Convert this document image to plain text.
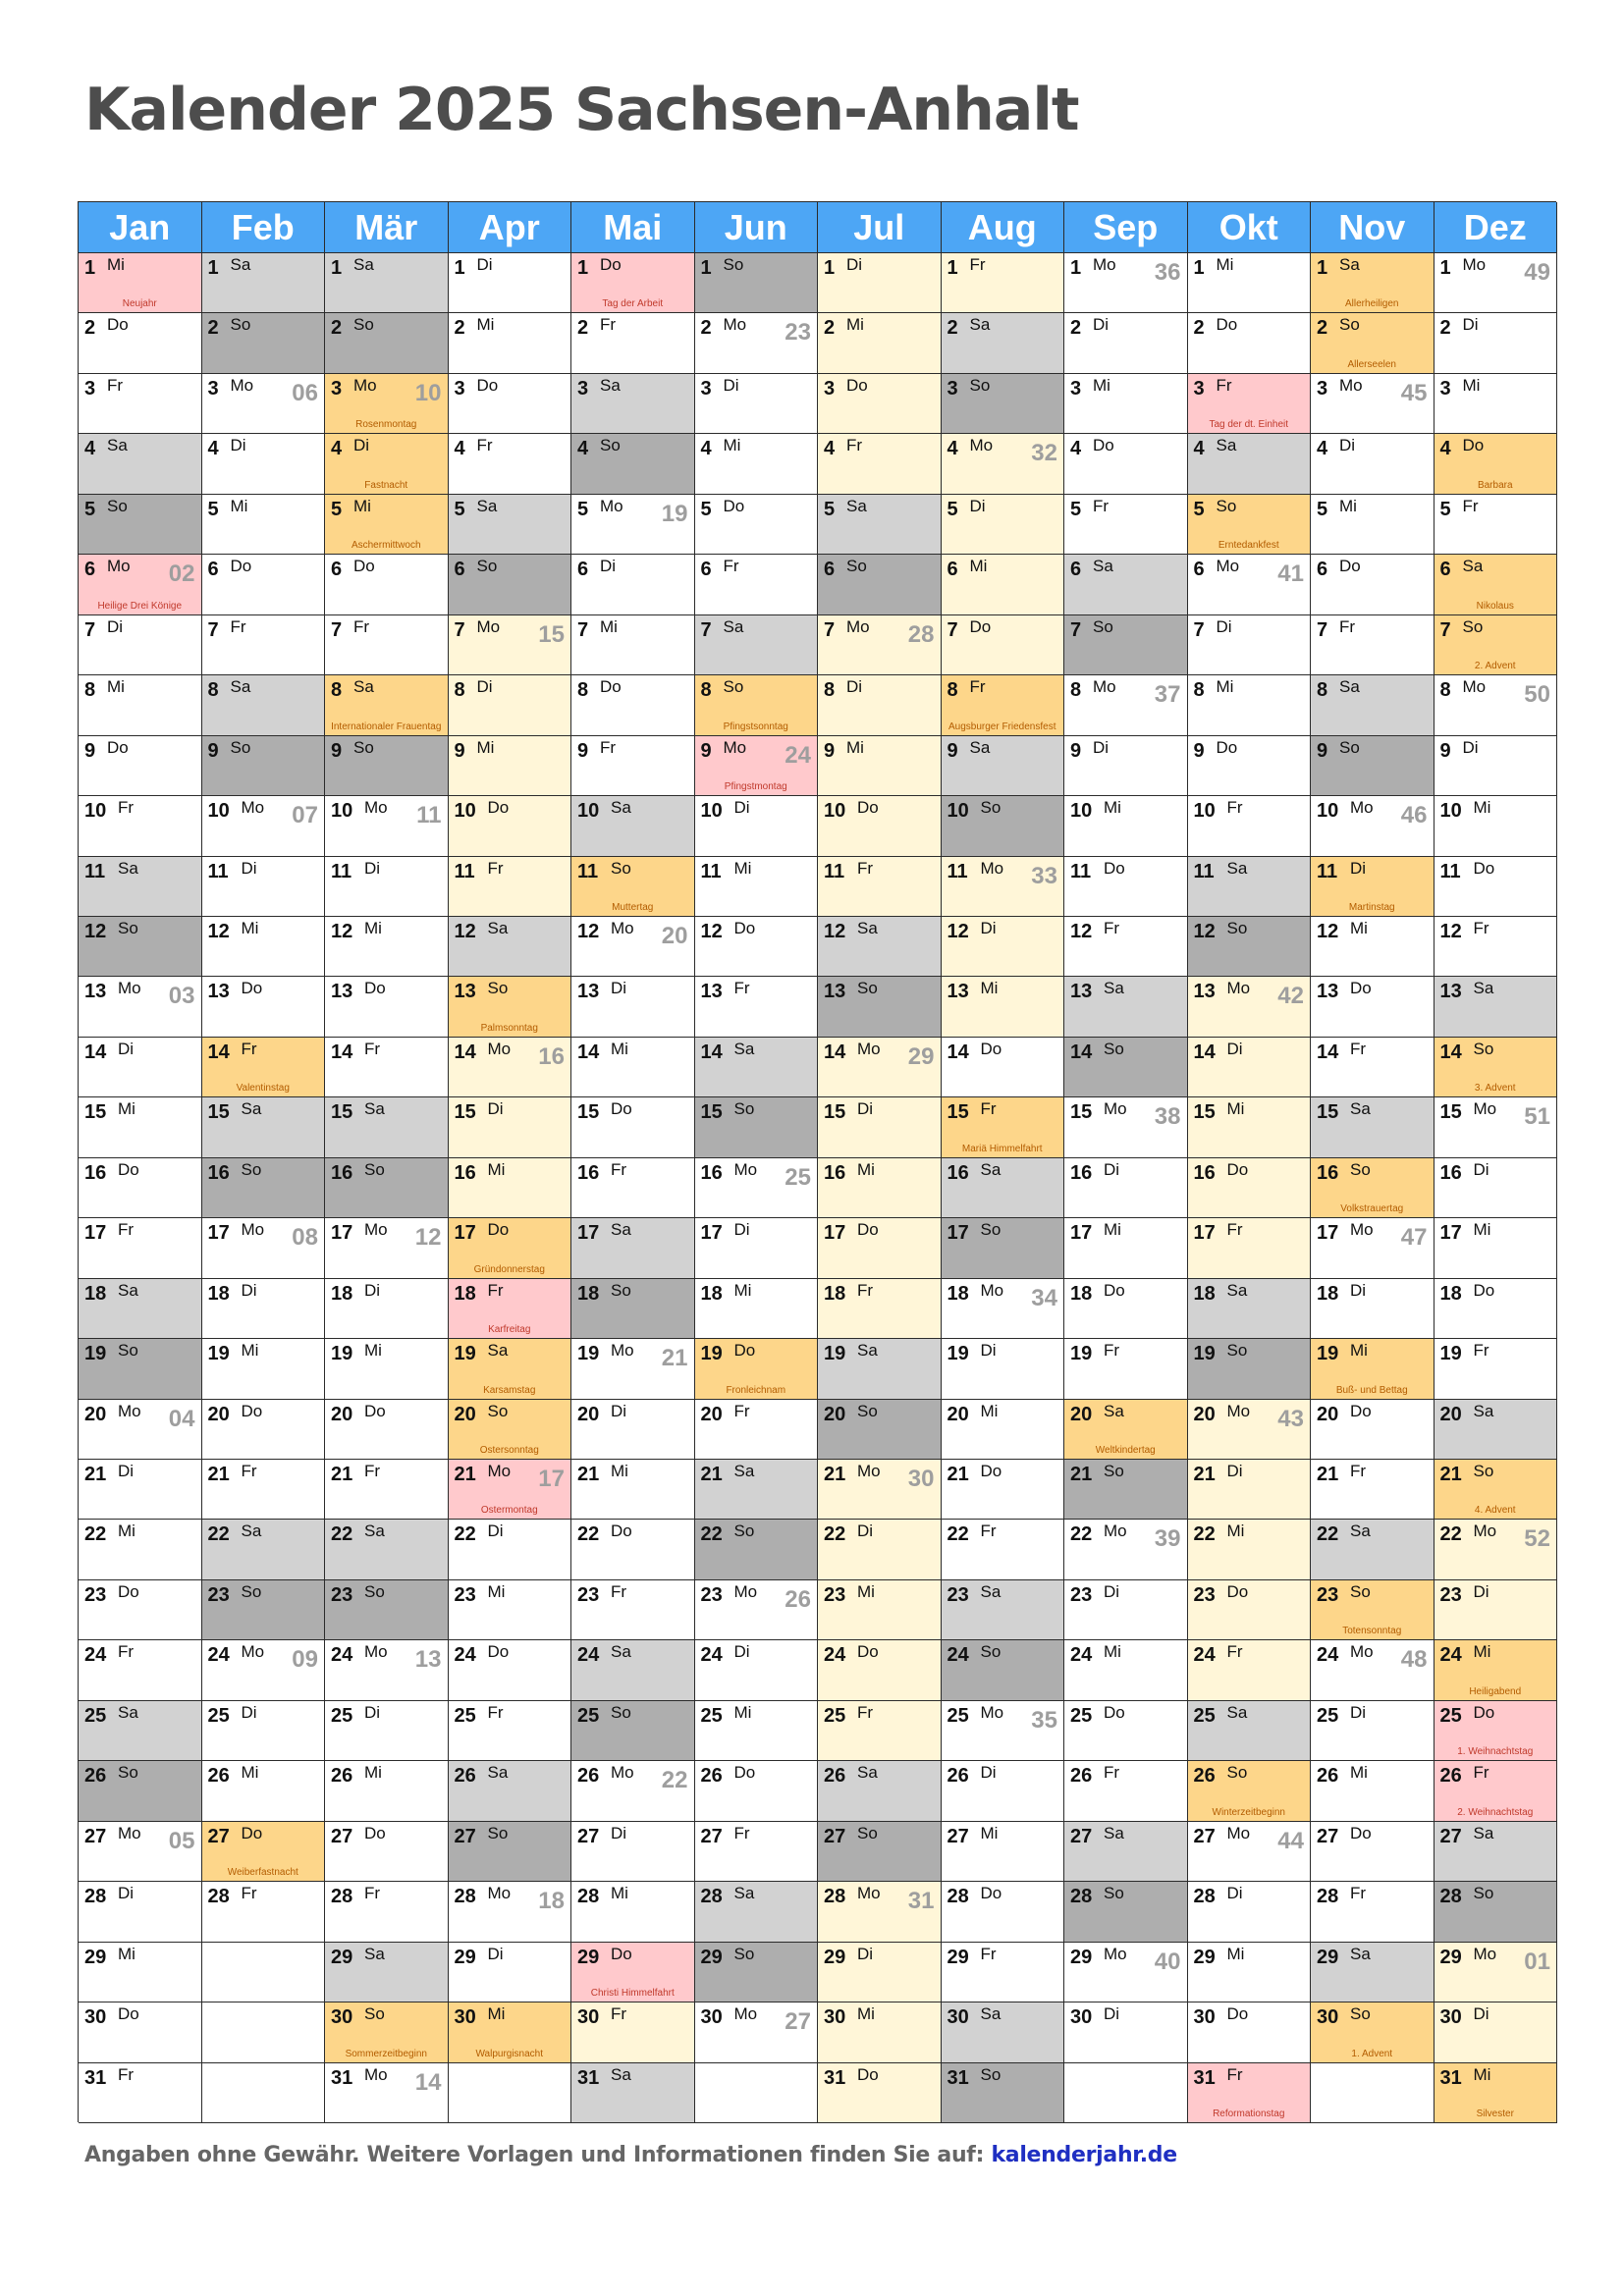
Kalender 2025 Sachsen-Anhalt
Jan
1 Mi
Neujahr
2 Do
3 Fr
4 Sa
5 So
6 Mo 02
Heilige Drei Könige
7 Di
8 Mi
9 Do
10 Fr
11 Sa
12 So
13 Mo 03
14 Di
15 Mi
16 Do
17 Fr
18 Sa
19 So
20 Mo 04
21 Di
22 Mi
23 Do
24 Fr
25 Sa
26 So
27 Mo 05
28 Di
29 Mi
30 Do
31 Fr
Feb
1 Sa
2 So
3 Mo 06
4 Di
5 Mi
6 Do
7 Fr
8 Sa
9 So
10 Mo 07
11 Di
12 Mi
13 Do
14 Fr
Valentinstag
15 Sa
16 So
17 Mo 08
18 Di
19 Mi
20 Do
21 Fr
22 Sa
23 So
24 Mo 09
25 Di
26 Mi
27 Do
Weiberfastnacht
28 Fr
Mär
1 Sa
2 So
3 Mo 10
Rosenmontag
4 Di
Fastnacht
5 Mi
Aschermittwoch
6 Do
7 Fr
8 Sa
Internationaler Frauentag
9 So
10 Mo 11
11 Di
12 Mi
13 Do
14 Fr
15 Sa
16 So
17 Mo 12
18 Di
19 Mi
20 Do
21 Fr
22 Sa
23 So
24 Mo 13
25 Di
26 Mi
27 Do
28 Fr
29 Sa
30 So
Sommerzeitbeginn
31 Mo 14
Apr
1 Di
2 Mi
3 Do
4 Fr
5 Sa
6 So
7 Mo 15
8 Di
9 Mi
10 Do
11 Fr
12 Sa
13 So
Palmsonntag
14 Mo 16
15 Di
16 Mi
17 Do
Gründonnerstag
18 Fr
Karfreitag
19 Sa
Karsamstag
20 So
Ostersonntag
21 Mo 17
Ostermontag
22 Di
23 Mi
24 Do
25 Fr
26 Sa
27 So
28 Mo 18
29 Di
30 Mi
Walpurgisnacht
Mai
1 Do
Tag der Arbeit
2 Fr
3 Sa
4 So
5 Mo 19
6 Di
7 Mi
8 Do
9 Fr
10 Sa
11 So
Muttertag
12 Mo 20
13 Di
14 Mi
15 Do
16 Fr
17 Sa
18 So
19 Mo 21
20 Di
21 Mi
22 Do
23 Fr
24 Sa
25 So
26 Mo 22
27 Di
28 Mi
29 Do
Christi Himmelfahrt
30 Fr
31 Sa
Jun
1 So
2 Mo 23
3 Di
4 Mi
5 Do
6 Fr
7 Sa
8 So
Pfingstsonntag
9 Mo 24
Pfingstmontag
10 Di
11 Mi
12 Do
13 Fr
14 Sa
15 So
16 Mo 25
17 Di
18 Mi
19 Do
Fronleichnam
20 Fr
21 Sa
22 So
23 Mo 26
24 Di
25 Mi
26 Do
27 Fr
28 Sa
29 So
30 Mo 27
Jul
1 Di
2 Mi
3 Do
4 Fr
5 Sa
6 So
7 Mo 28
8 Di
9 Mi
10 Do
11 Fr
12 Sa
13 So
14 Mo 29
15 Di
16 Mi
17 Do
18 Fr
19 Sa
20 So
21 Mo 30
22 Di
23 Mi
24 Do
25 Fr
26 Sa
27 So
28 Mo 31
29 Di
30 Mi
31 Do
Aug
1 Fr
2 Sa
3 So
4 Mo 32
5 Di
6 Mi
7 Do
8 Fr
Augsburger Friedensfest
9 Sa
10 So
11 Mo 33
12 Di
13 Mi
14 Do
15 Fr
Mariä Himmelfahrt
16 Sa
17 So
18 Mo 34
19 Di
20 Mi
21 Do
22 Fr
23 Sa
24 So
25 Mo 35
26 Di
27 Mi
28 Do
29 Fr
30 Sa
31 So
Sep
1 Mo 36
2 Di
3 Mi
4 Do
5 Fr
6 Sa
7 So
8 Mo 37
9 Di
10 Mi
11 Do
12 Fr
13 Sa
14 So
15 Mo 38
16 Di
17 Mi
18 Do
19 Fr
20 Sa
Weltkindertag
21 So
22 Mo 39
23 Di
24 Mi
25 Do
26 Fr
27 Sa
28 So
29 Mo 40
30 Di
Okt
1 Mi
2 Do
3 Fr
Tag der dt. Einheit
4 Sa
5 So
Erntedankfest
6 Mo 41
7 Di
8 Mi
9 Do
10 Fr
11 Sa
12 So
13 Mo 42
14 Di
15 Mi
16 Do
17 Fr
18 Sa
19 So
20 Mo 43
21 Di
22 Mi
23 Do
24 Fr
25 Sa
26 So
Winterzeitbeginn
27 Mo 44
28 Di
29 Mi
30 Do
31 Fr
Reformationstag
Nov
1 Sa
Allerheiligen
2 So
Allerseelen
3 Mo 45
4 Di
5 Mi
6 Do
7 Fr
8 Sa
9 So
10 Mo 46
11 Di
Martinstag
12 Mi
13 Do
14 Fr
15 Sa
16 So
Volkstrauertag
17 Mo 47
18 Di
19 Mi
Buß- und Bettag
20 Do
21 Fr
22 Sa
23 So
Totensonntag
24 Mo 48
25 Di
26 Mi
27 Do
28 Fr
29 Sa
30 So
1. Advent
Dez
1 Mo 49
2 Di
3 Mi
4 Do
Barbara
5 Fr
6 Sa
Nikolaus
7 So
2. Advent
8 Mo 50
9 Di
10 Mi
11 Do
12 Fr
13 Sa
14 So
3. Advent
15 Mo 51
16 Di
17 Mi
18 Do
19 Fr
20 Sa
21 So
4. Advent
22 Mo 52
23 Di
24 Mi
Heiligabend
25 Do
1. Weihnachtstag
26 Fr
2. Weihnachtstag
27 Sa
28 So
29 Mo 01
30 Di
31 Mi
Silvester
Angaben ohne Gewähr. Weitere Vorlagen und Informationen finden Sie auf: kalenderjahr.de
